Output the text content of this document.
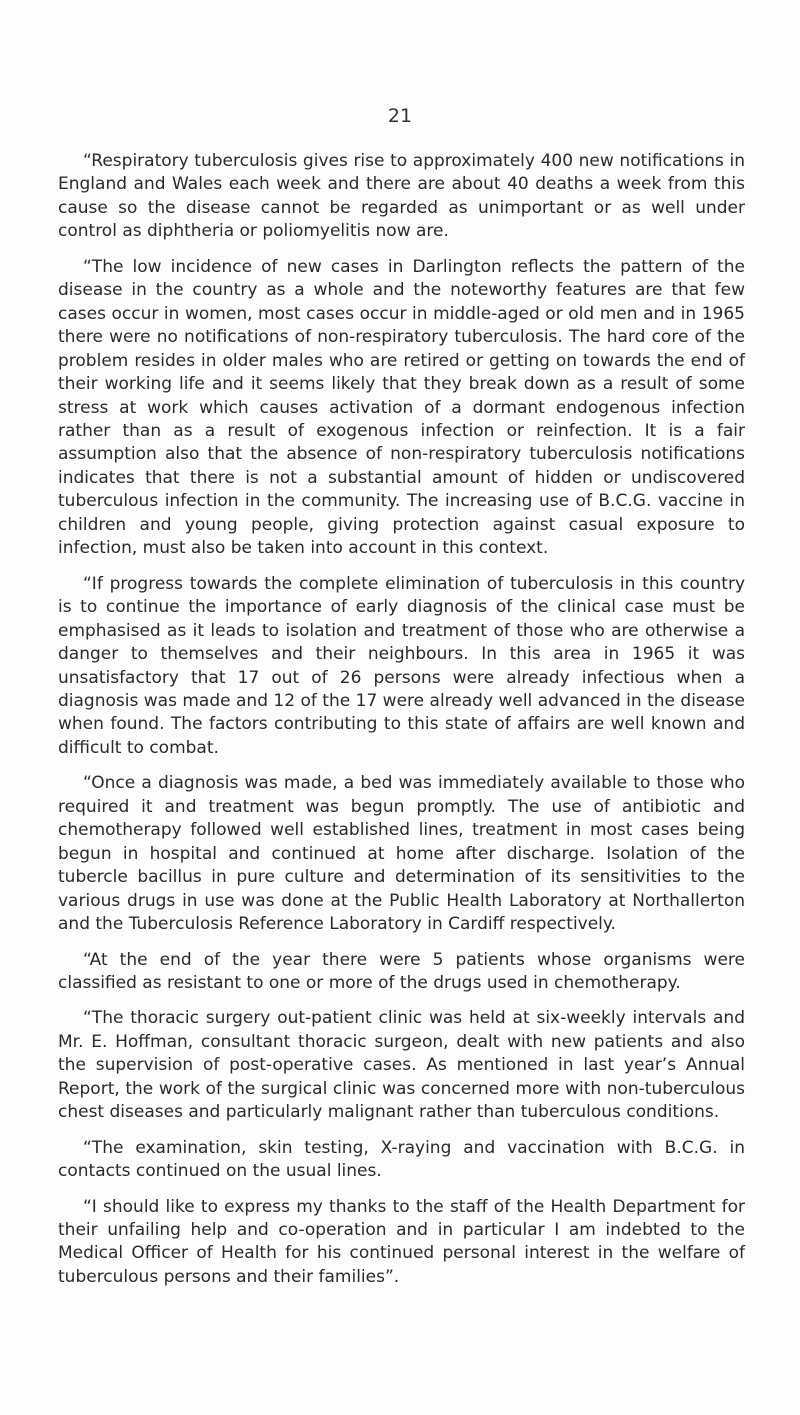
21

“Respiratory tuberculosis gives rise to approximately 400 new notifications in England and Wales each week and there are about 40 deaths a week from this cause so the disease cannot be regarded as unimportant or as well under control as diphtheria or poliomyelitis now are.

“The low incidence of new cases in Darlington reflects the pattern of the disease in the country as a whole and the noteworthy features are that few cases occur in women, most cases occur in middle-aged or old men and in 1965 there were no notifications of non-respiratory tuberculosis. The hard core of the problem resides in older males who are retired or getting on towards the end of their working life and it seems likely that they break down as a result of some stress at work which causes activation of a dormant endogenous infection rather than as a result of exogenous infection or reinfection. It is a fair assumption also that the absence of non-respiratory tuberculosis notifications indicates that there is not a substantial amount of hidden or undiscovered tuberculous infection in the community. The increasing use of B.C.G. vaccine in children and young people, giving protection against casual exposure to infection, must also be taken into account in this context.

“If progress towards the complete elimination of tuberculosis in this country is to continue the importance of early diagnosis of the clinical case must be emphasised as it leads to isolation and treatment of those who are otherwise a danger to themselves and their neighbours. In this area in 1965 it was unsatisfactory that 17 out of 26 persons were already infectious when a diagnosis was made and 12 of the 17 were already well advanced in the disease when found. The factors contributing to this state of affairs are well known and difficult to combat.

“Once a diagnosis was made, a bed was immediately available to those who required it and treatment was begun promptly. The use of antibiotic and chemotherapy followed well established lines, treatment in most cases being begun in hospital and continued at home after discharge. Isolation of the tubercle bacillus in pure culture and determination of its sensitivities to the various drugs in use was done at the Public Health Laboratory at Northallerton and the Tuberculosis Reference Laboratory in Cardiff respectively.

“At the end of the year there were 5 patients whose organisms were classified as resistant to one or more of the drugs used in chemotherapy.

“The thoracic surgery out-patient clinic was held at six-weekly intervals and Mr. E. Hoffman, consultant thoracic surgeon, dealt with new patients and also the supervision of post-operative cases. As mentioned in last year’s Annual Report, the work of the surgical clinic was concerned more with non-tuberculous chest diseases and particularly malignant rather than tuberculous conditions.

“The examination, skin testing, X-raying and vaccination with B.C.G. in contacts continued on the usual lines.

“I should like to express my thanks to the staff of the Health Department for their unfailing help and co-operation and in particular I am indebted to the Medical Officer of Health for his continued personal interest in the welfare of tuberculous persons and their families”.
